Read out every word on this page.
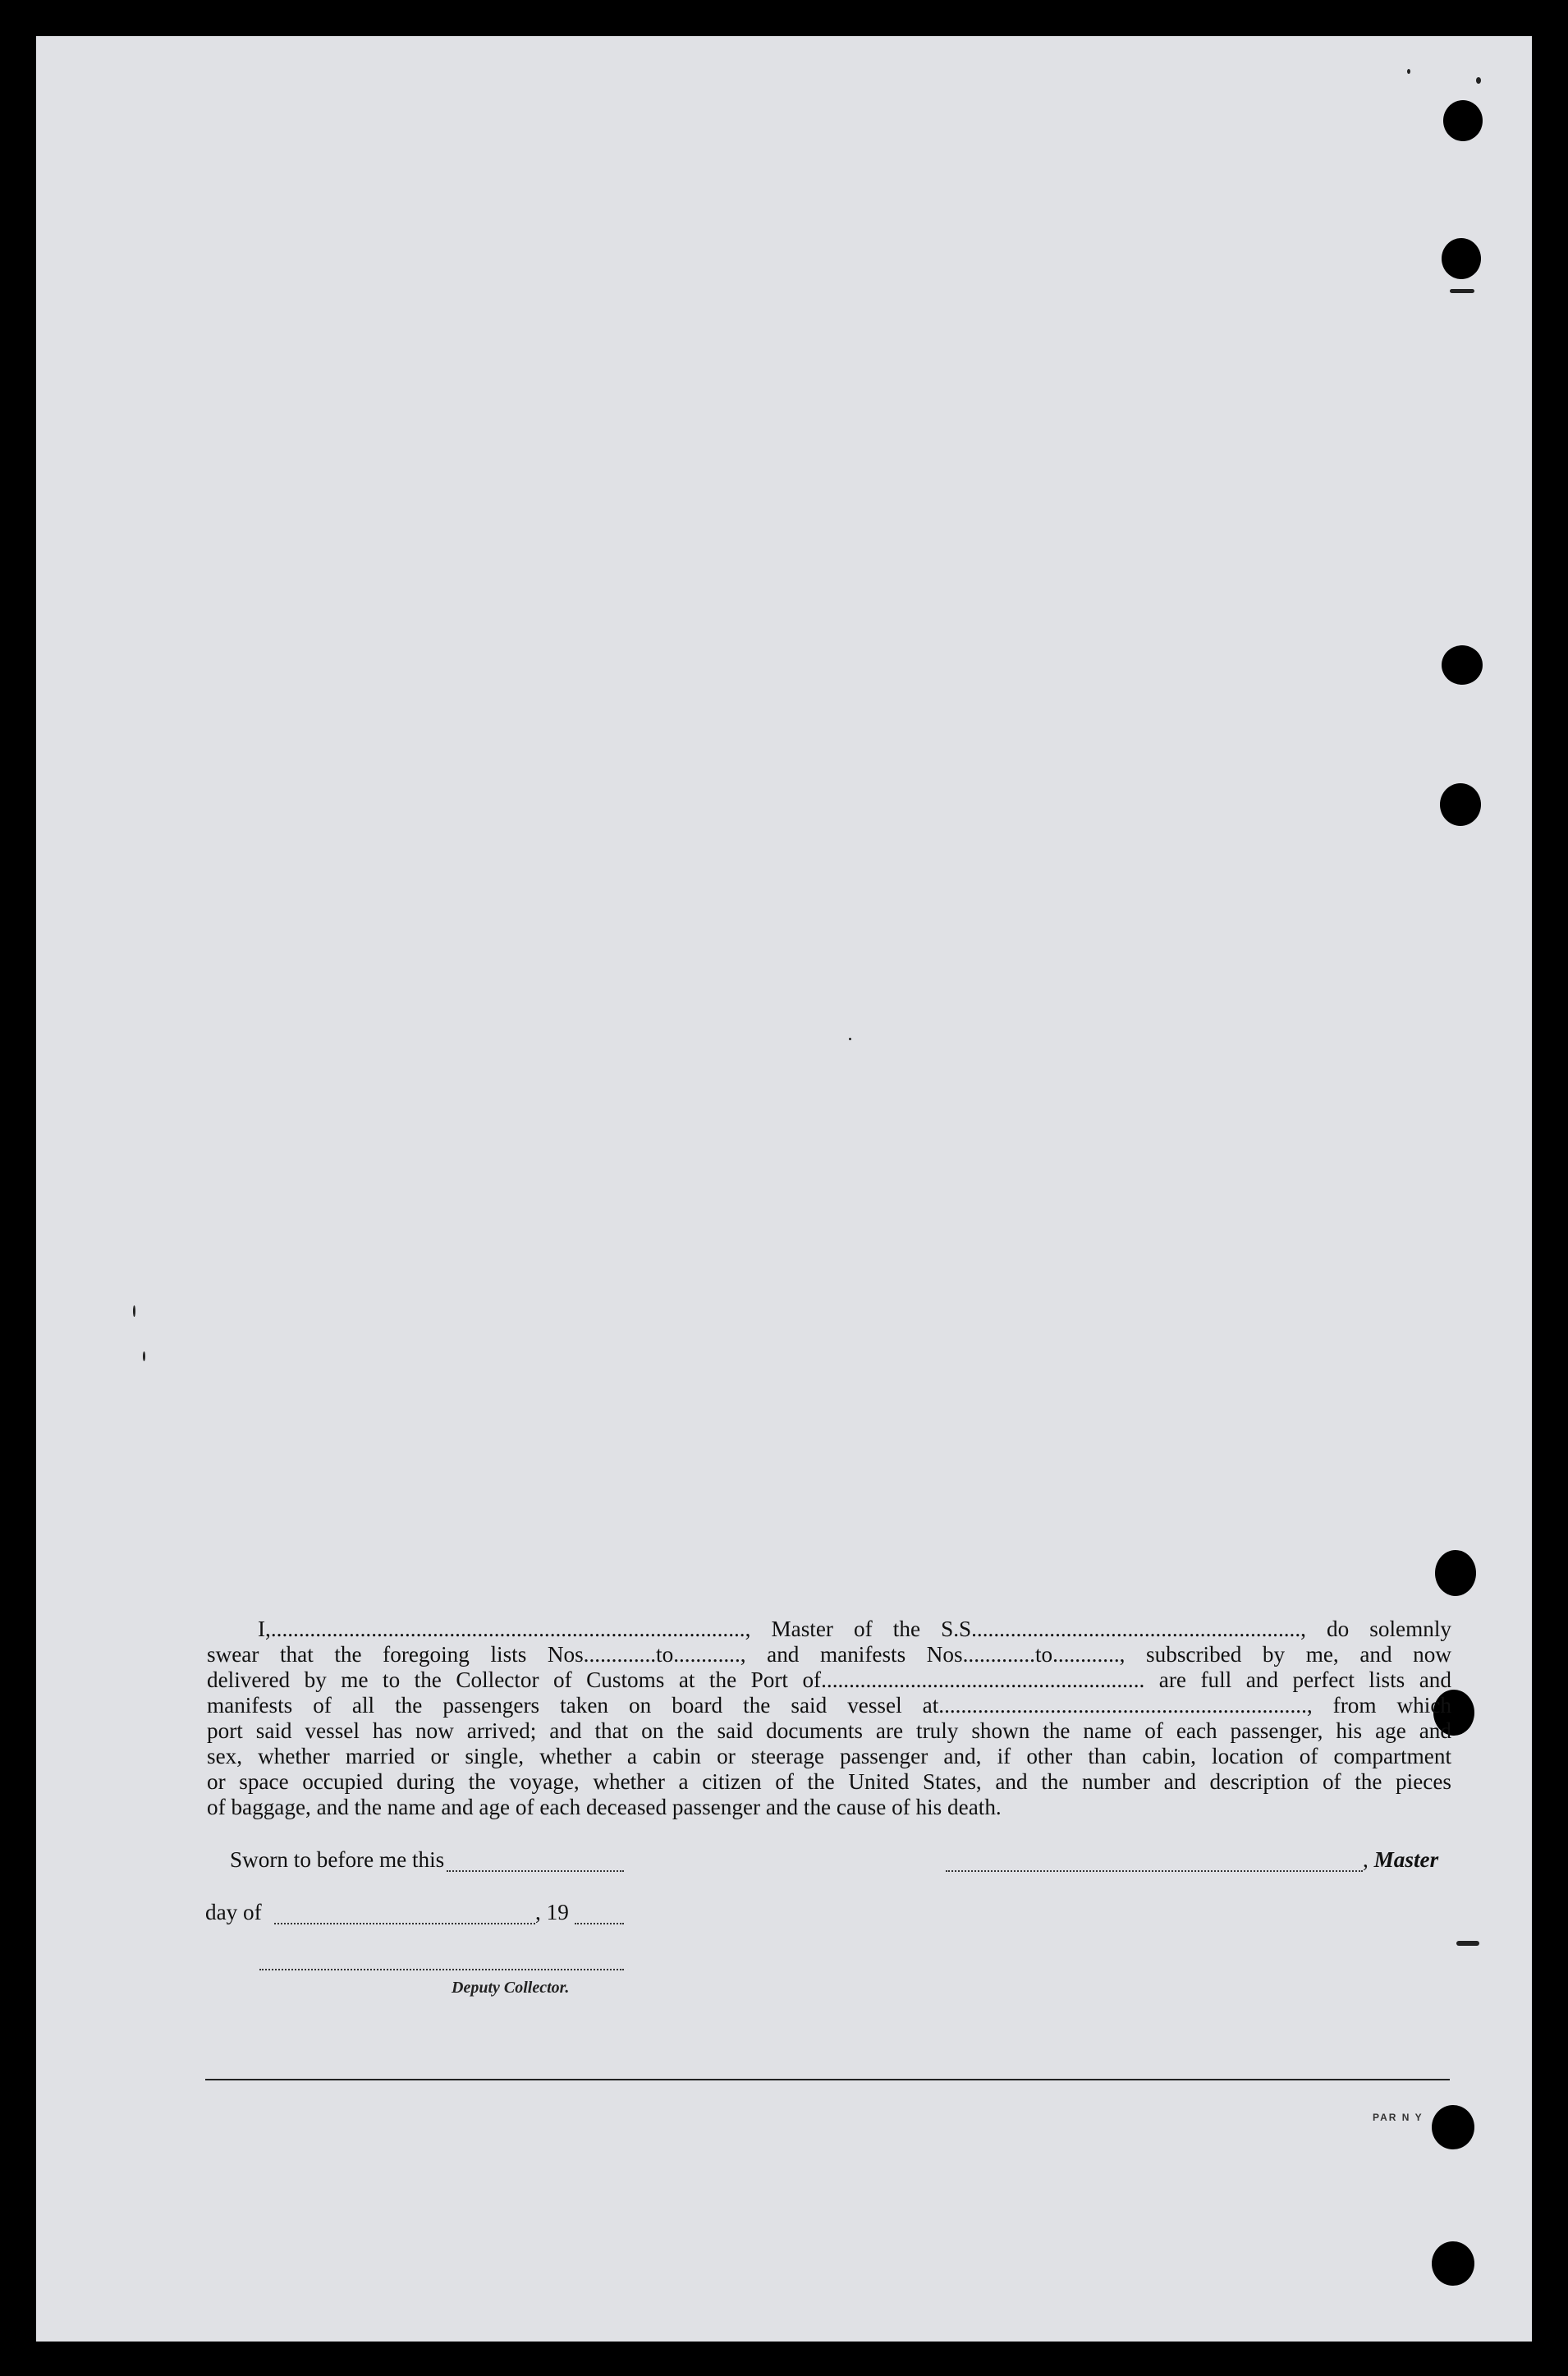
I,....................................................................................., Master of the S.S..........................................................., do solemnly
swear that the foregoing lists Nos.............to............, and manifests Nos.............to............, subscribed by me, and now
delivered by me to the Collector of Customs at the Port of.......................................................... are full and perfect lists and
manifests of all the passengers taken on board the said vessel at.................................................................., from which
port said vessel has now arrived; and that on the said documents are truly shown the name of each passenger, his age and
sex, whether married or single, whether a cabin or steerage passenger and, if other than cabin, location of compartment
or space occupied during the voyage, whether a citizen of the United States, and the number and description of the pieces
of baggage, and the name and age of each deceased passenger and the cause of his death.
Sworn to before me this	, Master
day of	, 19
Deputy Collector.
PAR N Y
